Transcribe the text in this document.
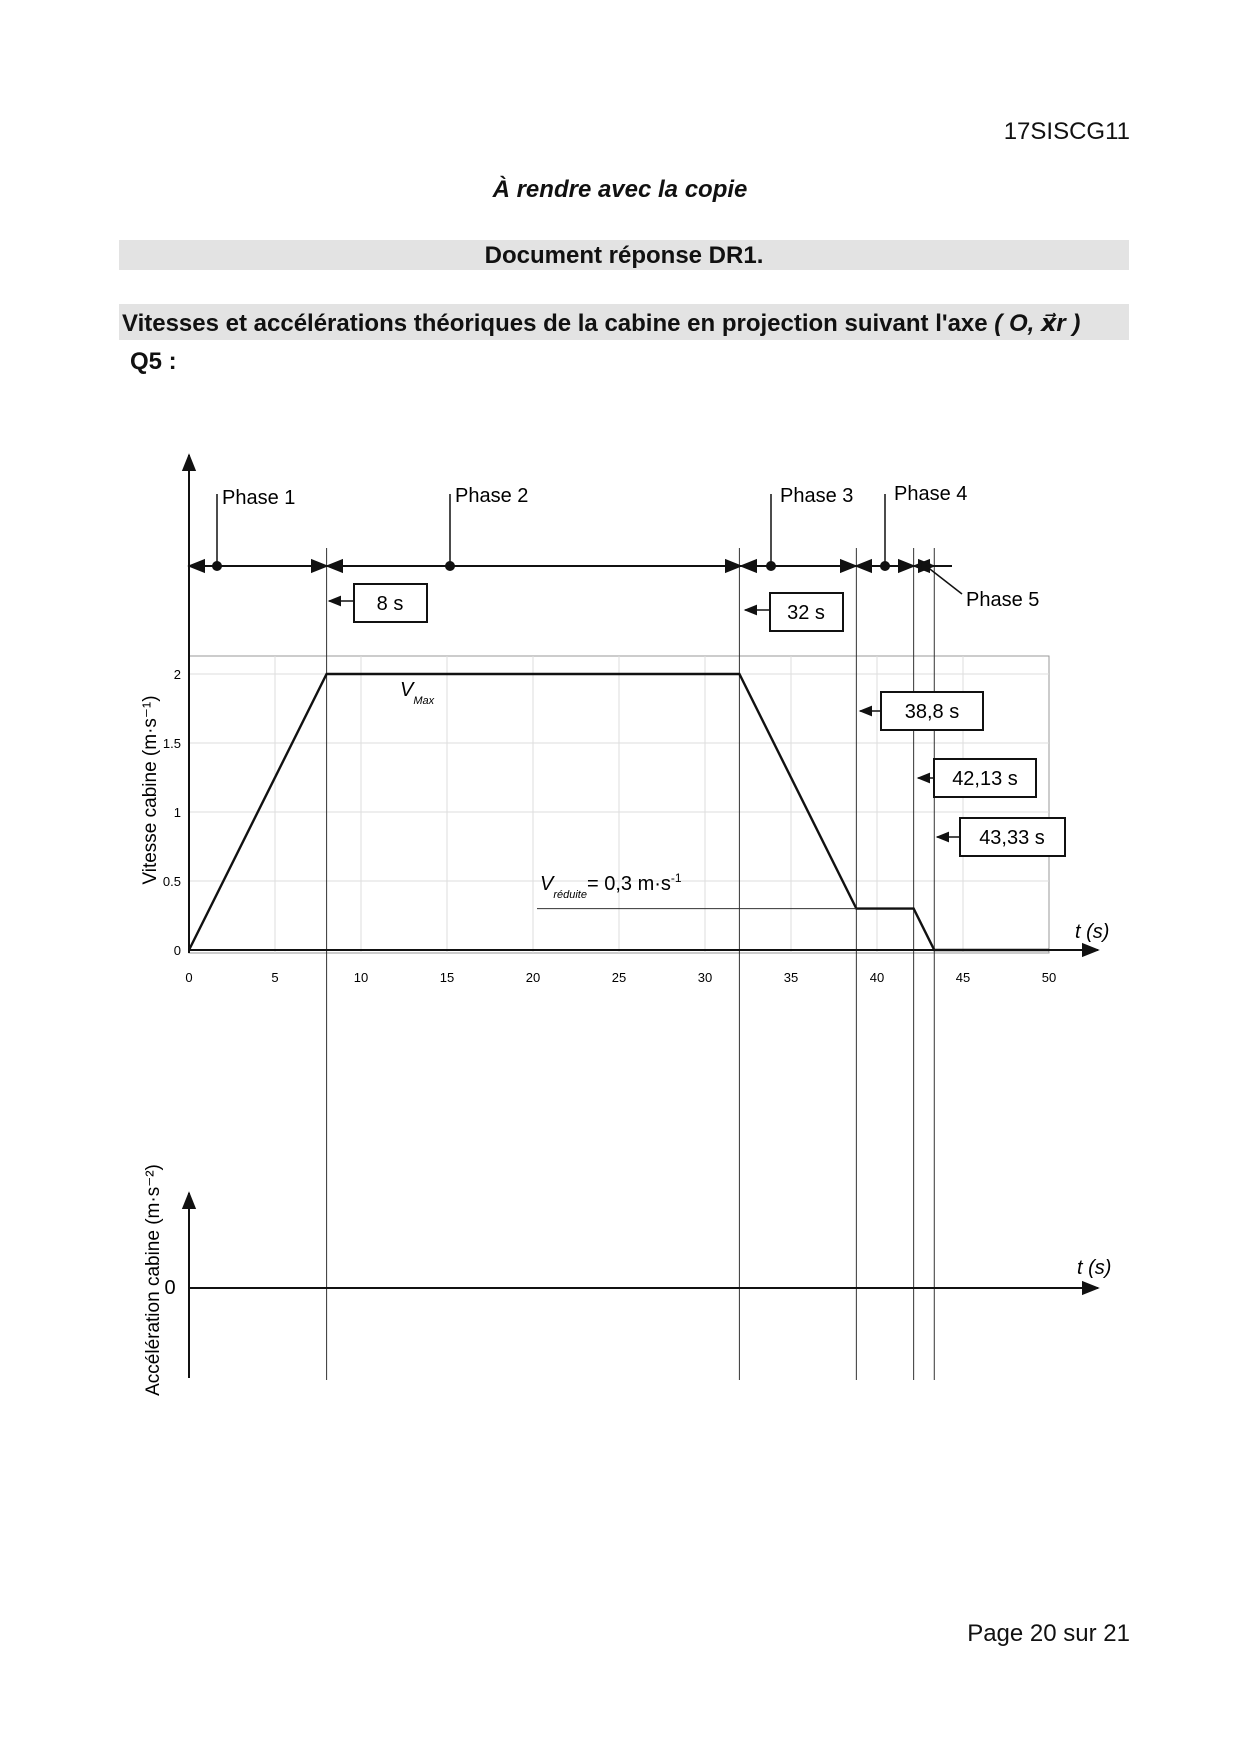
17SISCG11
À rendre avec la copie
Document réponse DR1.
Vitesses et accélérations théoriques de la cabine en projection suivant l'axe ( O, x⃗r )
Q5 :
0	5	10	15	20	25	30	35	40	45	50
0
0.5
1
1.5
2
$V_{Max}$
$V_{réduite}= 0,3$ $m\cdot s^{-1}$
t (s)
Vitesse cabine (m·s⁻¹)
Phase 1	Phase 2	Phase 3 Phase 4
Phase 5
8 s	32 s
38,8 s
42,13 s
43,33 s
0
t (s)
Accélération cabine (m·s⁻²)
Page 20 sur 21
